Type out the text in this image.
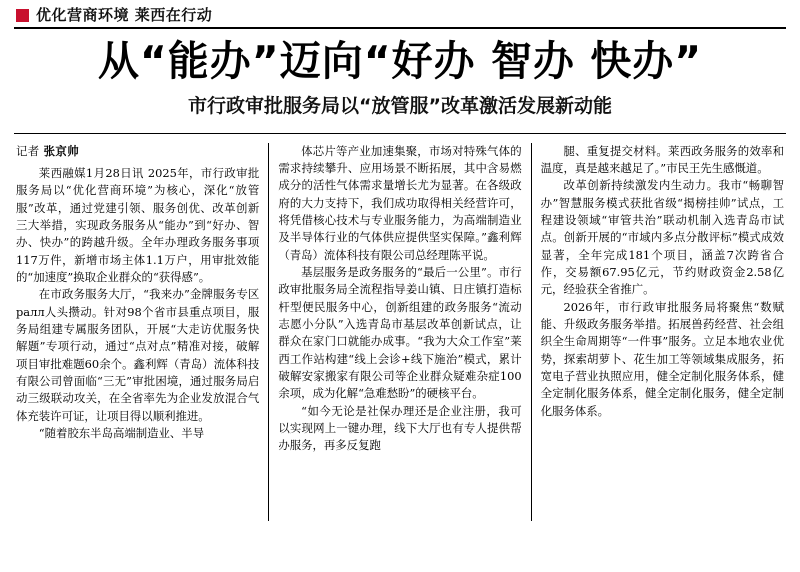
优化营商环境 莱西在行动
从“能办”迈向“好办 智办 快办”
市行政审批服务局以“放管服”改革激活发展新动能
记者 张京帅

莱西融媒1月28日讯 2025年，市行政审批服务局以“优化营商环境”为核心，深化“放管服”改革，通过党建引领、服务创优、改革创新三大举措，实现政务服务从“能办”到“好办、智办、快办”的跨越升级。全年办理政务服务事项117万件，新增市场主体1.1万户，用审批效能的“加速度”换取企业群众的“获得感”。

在市政务服务大厅，“我来办”金牌服务专区ралл人头攒动。针对98个省市县重点项目，服务局组建专属服务团队，开展“大走访优服务快解题”专项行动，通过“点对点”精准对接，破解项目审批难题60余个。鑫利辉（青岛）流体科技有限公司曾面临“三无”审批困境，通过服务局启动三级联动攻关，在全省率先为企业发放混合气体充装许可证，让项目得以顺利推进。

“随着胶东半岛高端制造业、半导

体芯片等产业加速集聚，市场对特殊气体的需求持续攀升、应用场景不断拓展，其中含易燃成分的活性气体需求量增长尤为显著。在各级政府的大力支持下，我们成功取得相关经营许可，将凭借核心技术与专业服务能力，为高端制造业及半导体行业的气体供应提供坚实保障。”鑫利辉（青岛）流体科技有限公司总经理陈平说。

基层服务是政务服务的“最后一公里”。市行政审批服务局全流程指导姜山镇、日庄镇打造标杆型便民服务中心，创新组建的政务服务“流动志愿小分队”入选青岛市基层改革创新试点，让群众在家门口就能办成事。“我为大众工作室”莱西工作站构建“线上会诊+线下施治”模式，累计破解安家搬家有限公司等企业群众疑难杂症100余项，成为化解“急难愁盼”的硬核平台。

“如今无论是社保办理还是企业注册，我可以实现网上一键办理，线下大厅也有专人提供帮办服务，再多反复跑

腿、重复提交材料。莱西政务服务的效率和温度，真是越来越足了。”市民王先生感慨道。

改革创新持续激发内生动力。我市“畅聊智办”智慧服务模式获批省级“揭榜挂帅”试点，工程建设领域“审管共治”联动机制入选青岛市试点。创新开展的“市域内多点分散评标”模式成效显著，全年完成181个项目，涵盖7次跨省合作，交易额67.95亿元，节约财政资金2.58亿元，经验获全省推广。

2026年，市行政审批服务局将聚焦“数赋能、升级政务服务举措。拓展兽药经营、社会组织全生命周期等“一件事”服务。立足本地农业优势，探索胡萝卜、花生加工等领域集成服务，拓宽电子营业执照应用，健全定制化服务体系，健全定制化服务体系，健全定制化服务，健全定制化服务体系。
